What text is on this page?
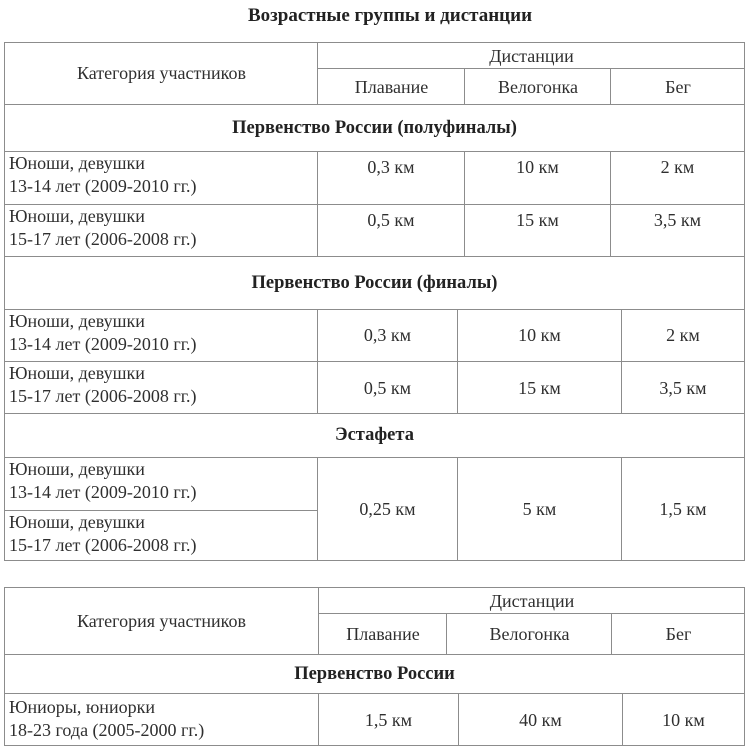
Возрастные группы и дистанции
Категория участников
Дистанции
Плавание	Велогонка	Бег
Первенство России (полуфиналы)
Юноши, девушки
13-14 лет (2009-2010 гг.)
0,3 км	10 км	2 км
Юноши, девушки
15-17 лет (2006-2008 гг.)
0,5 км	15 км	3,5 км
Первенство России (финалы)
Юноши, девушки
13-14 лет (2009-2010 гг.)	0,3 км	10 км	2 км
Юноши, девушки
15-17 лет (2006-2008 гг.)	0,5 км	15 км	3,5 км
Эстафета
Юноши, девушки
13-14 лет (2009-2010 гг.)
Юноши, девушки
15-17 лет (2006-2008 гг.)
0,25 км	5 км	1,5 км
Категория участников
Дистанции
Плавание	Велогонка	Бег
Первенство России
Юниоры, юниорки
18-23 года (2005-2000 гг.)
1,5 км	40 км	10 км
